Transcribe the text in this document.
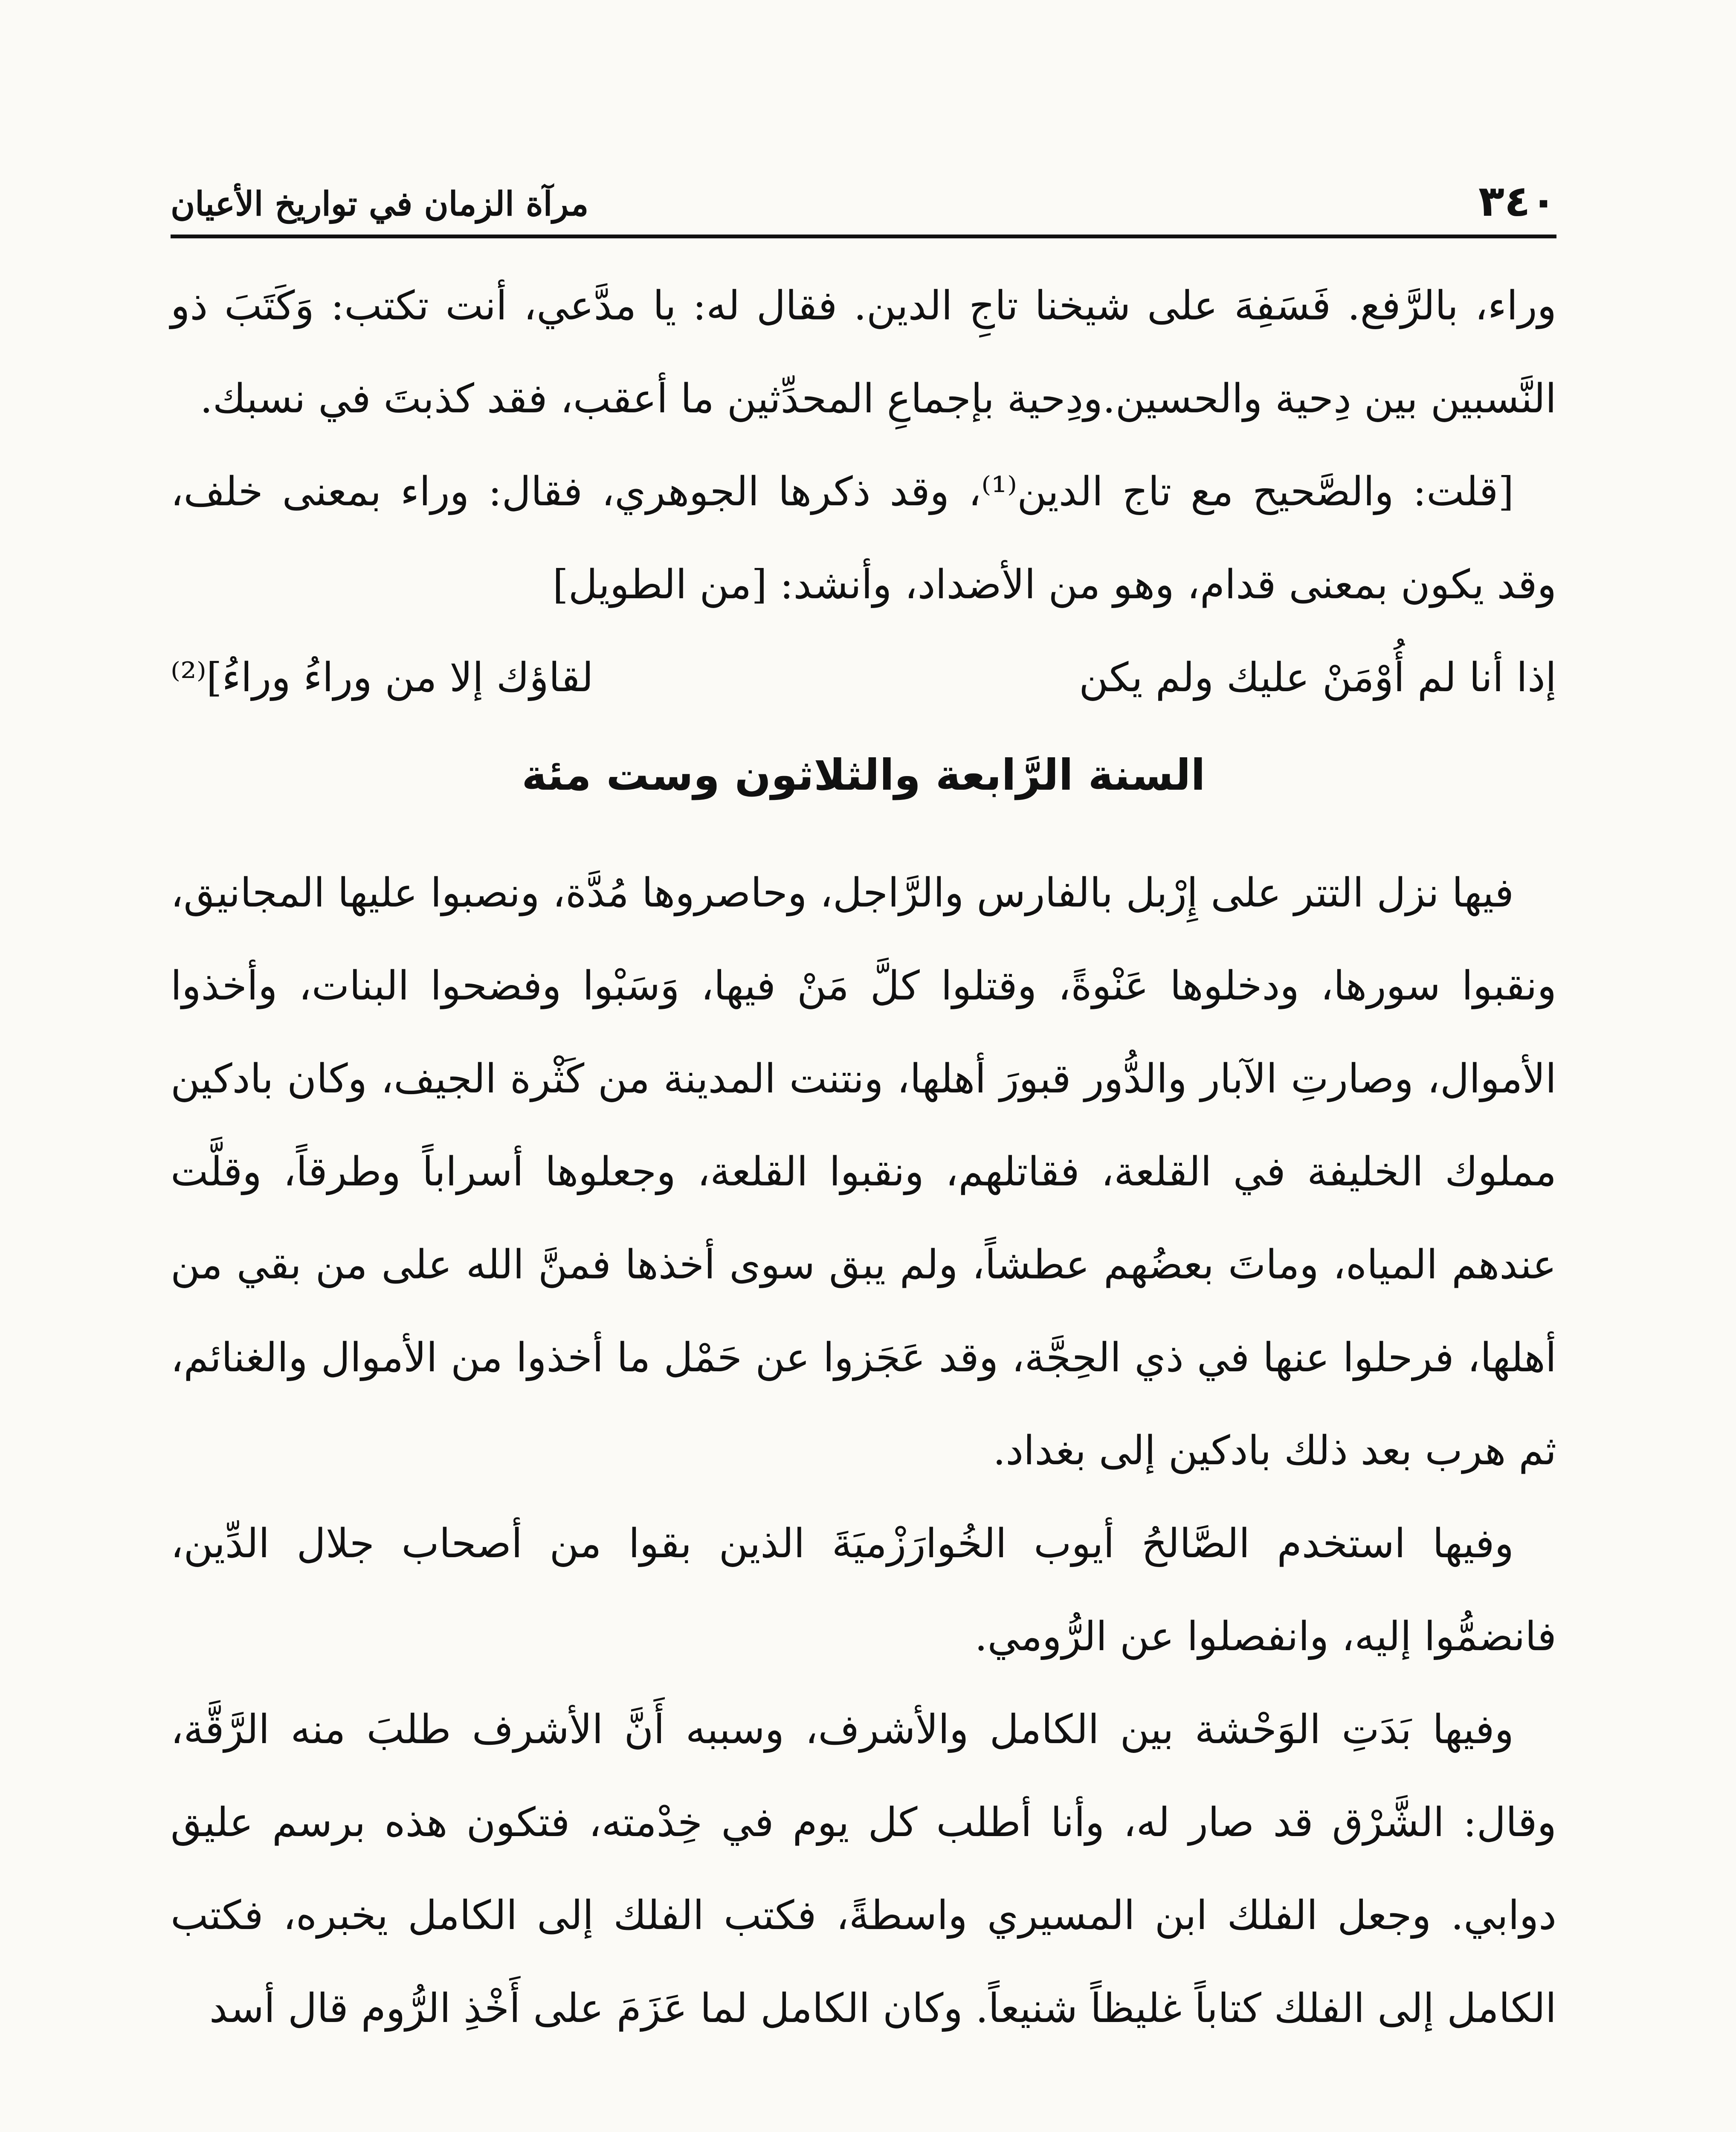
٣٤٠
مرآة الزمان في تواريخ الأعيان

وراء، بالرَّفع. فَسَفِهَ على شيخنا تاجِ الدين. فقال له: يا مدَّعي، أنت تكتب: وَكَتَبَ ذو النَّسبين بين دِحية والحسين.ودِحية بإجماعِ المحدِّثين ما أعقب، فقد كذبتَ في نسبك.

[قلت: والصَّحيح مع تاج الدين⁽¹⁾، وقد ذكرها الجوهري، فقال: وراء بمعنى خلف، وقد يكون بمعنى قدام، وهو من الأضداد، وأنشد: [من الطويل]

إذا أنا لم أُوْمَنْ عليك ولم يكن
لقاؤك إلا من وراءُ وراءُ]⁽²⁾
السنة الرَّابعة والثلاثون وست مئة

فيها نزل التتر على إِرْبل بالفارس والرَّاجل، وحاصروها مُدَّة، ونصبوا عليها المجانيق، ونقبوا سورها، ودخلوها عَنْوةً، وقتلوا كلَّ مَنْ فيها، وَسَبْوا وفضحوا البنات، وأخذوا الأموال، وصارتِ الآبار والدُّور قبورَ أهلها، ونتنت المدينة من كَثْرة الجيف، وكان بادكين مملوك الخليفة في القلعة، فقاتلهم، ونقبوا القلعة، وجعلوها أسراباً وطرقاً، وقلَّت عندهم المياه، وماتَ بعضُهم عطشاً، ولم يبق سوى أخذها فمنَّ الله على من بقي من أهلها، فرحلوا عنها في ذي الحِجَّة، وقد عَجَزوا عن حَمْل ما أخذوا من الأموال والغنائم، ثم هرب بعد ذلك بادكين إلى بغداد.

وفيها استخدم الصَّالحُ أيوب الخُوارَزْميَةَ الذين بقوا من أصحاب جلال الدِّين، فانضمُّوا إليه، وانفصلوا عن الرُّومي.

وفيها بَدَتِ الوَحْشة بين الكامل والأشرف، وسببه أَنَّ الأشرف طلبَ منه الرَّقَّة، وقال: الشَّرْق قد صار له، وأنا أطلب كل يوم في خِدْمته، فتكون هذه برسم عليق دوابي. وجعل الفلك ابن المسيري واسطةً، فكتب الفلك إلى الكامل يخبره، فكتب الكامل إلى الفلك كتاباً غليظاً شنيعاً. وكان الكامل لما عَزَمَ على أَخْذِ الرُّوم قال أسد
